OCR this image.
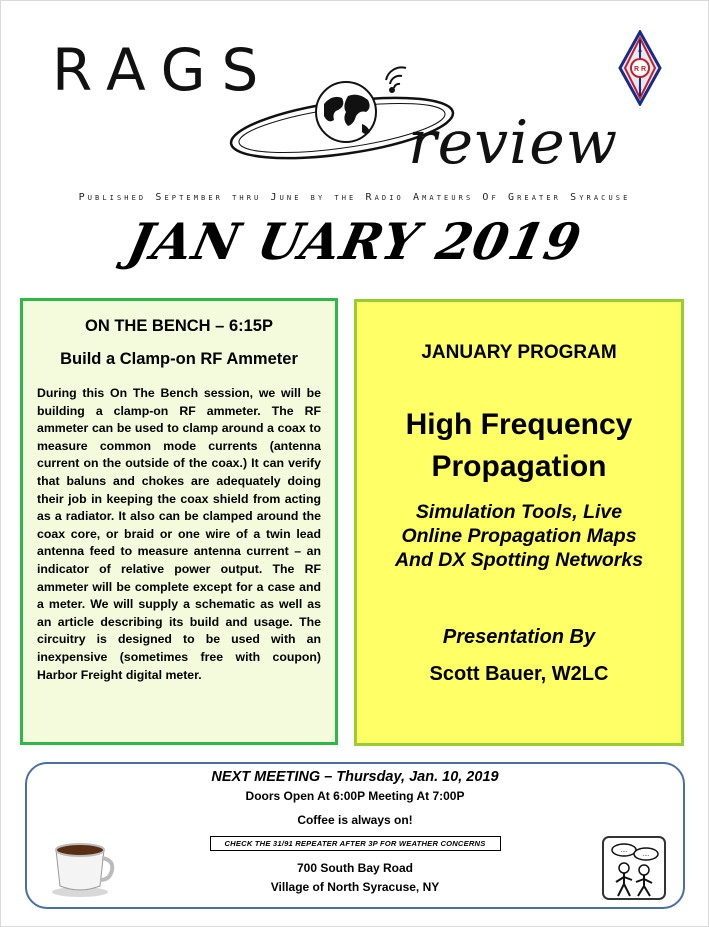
RAGS
review
R R
A
L
Published September thru June by the Radio Amateurs Of Greater Syracuse
JAN UARY 2019
ON THE BENCH – 6:15P
Build a Clamp-on RF Ammeter
During this On The Bench session, we will be building a clamp-on RF ammeter. The RF ammeter can be used to clamp around a coax to measure common mode currents (antenna current on the outside of the coax.) It can verify that baluns and chokes are adequately doing their job in keeping the coax shield from acting as a radiator. It also can be clamped around the coax core, or braid or one wire of a twin lead antenna feed to measure antenna current – an indicator of relative power output. The RF ammeter will be complete except for a case and a meter. We will supply a schematic as well as an article describing its build and usage. The circuitry is designed to be used with an inexpensive (sometimes free with coupon) Harbor Freight digital meter.
JANUARY PROGRAM
High Frequency
Propagation
Simulation Tools, Live
Online Propagation Maps
And DX Spotting Networks
Presentation By
Scott Bauer, W2LC
NEXT MEETING – Thursday, Jan. 10, 2019
Doors Open At 6:00P Meeting At 7:00P
Coffee is always on!
CHECK THE 31/91 REPEATER AFTER 3P FOR WEATHER CONCERNS
700 South Bay Road
Village of North Syracuse, NY
....
....
